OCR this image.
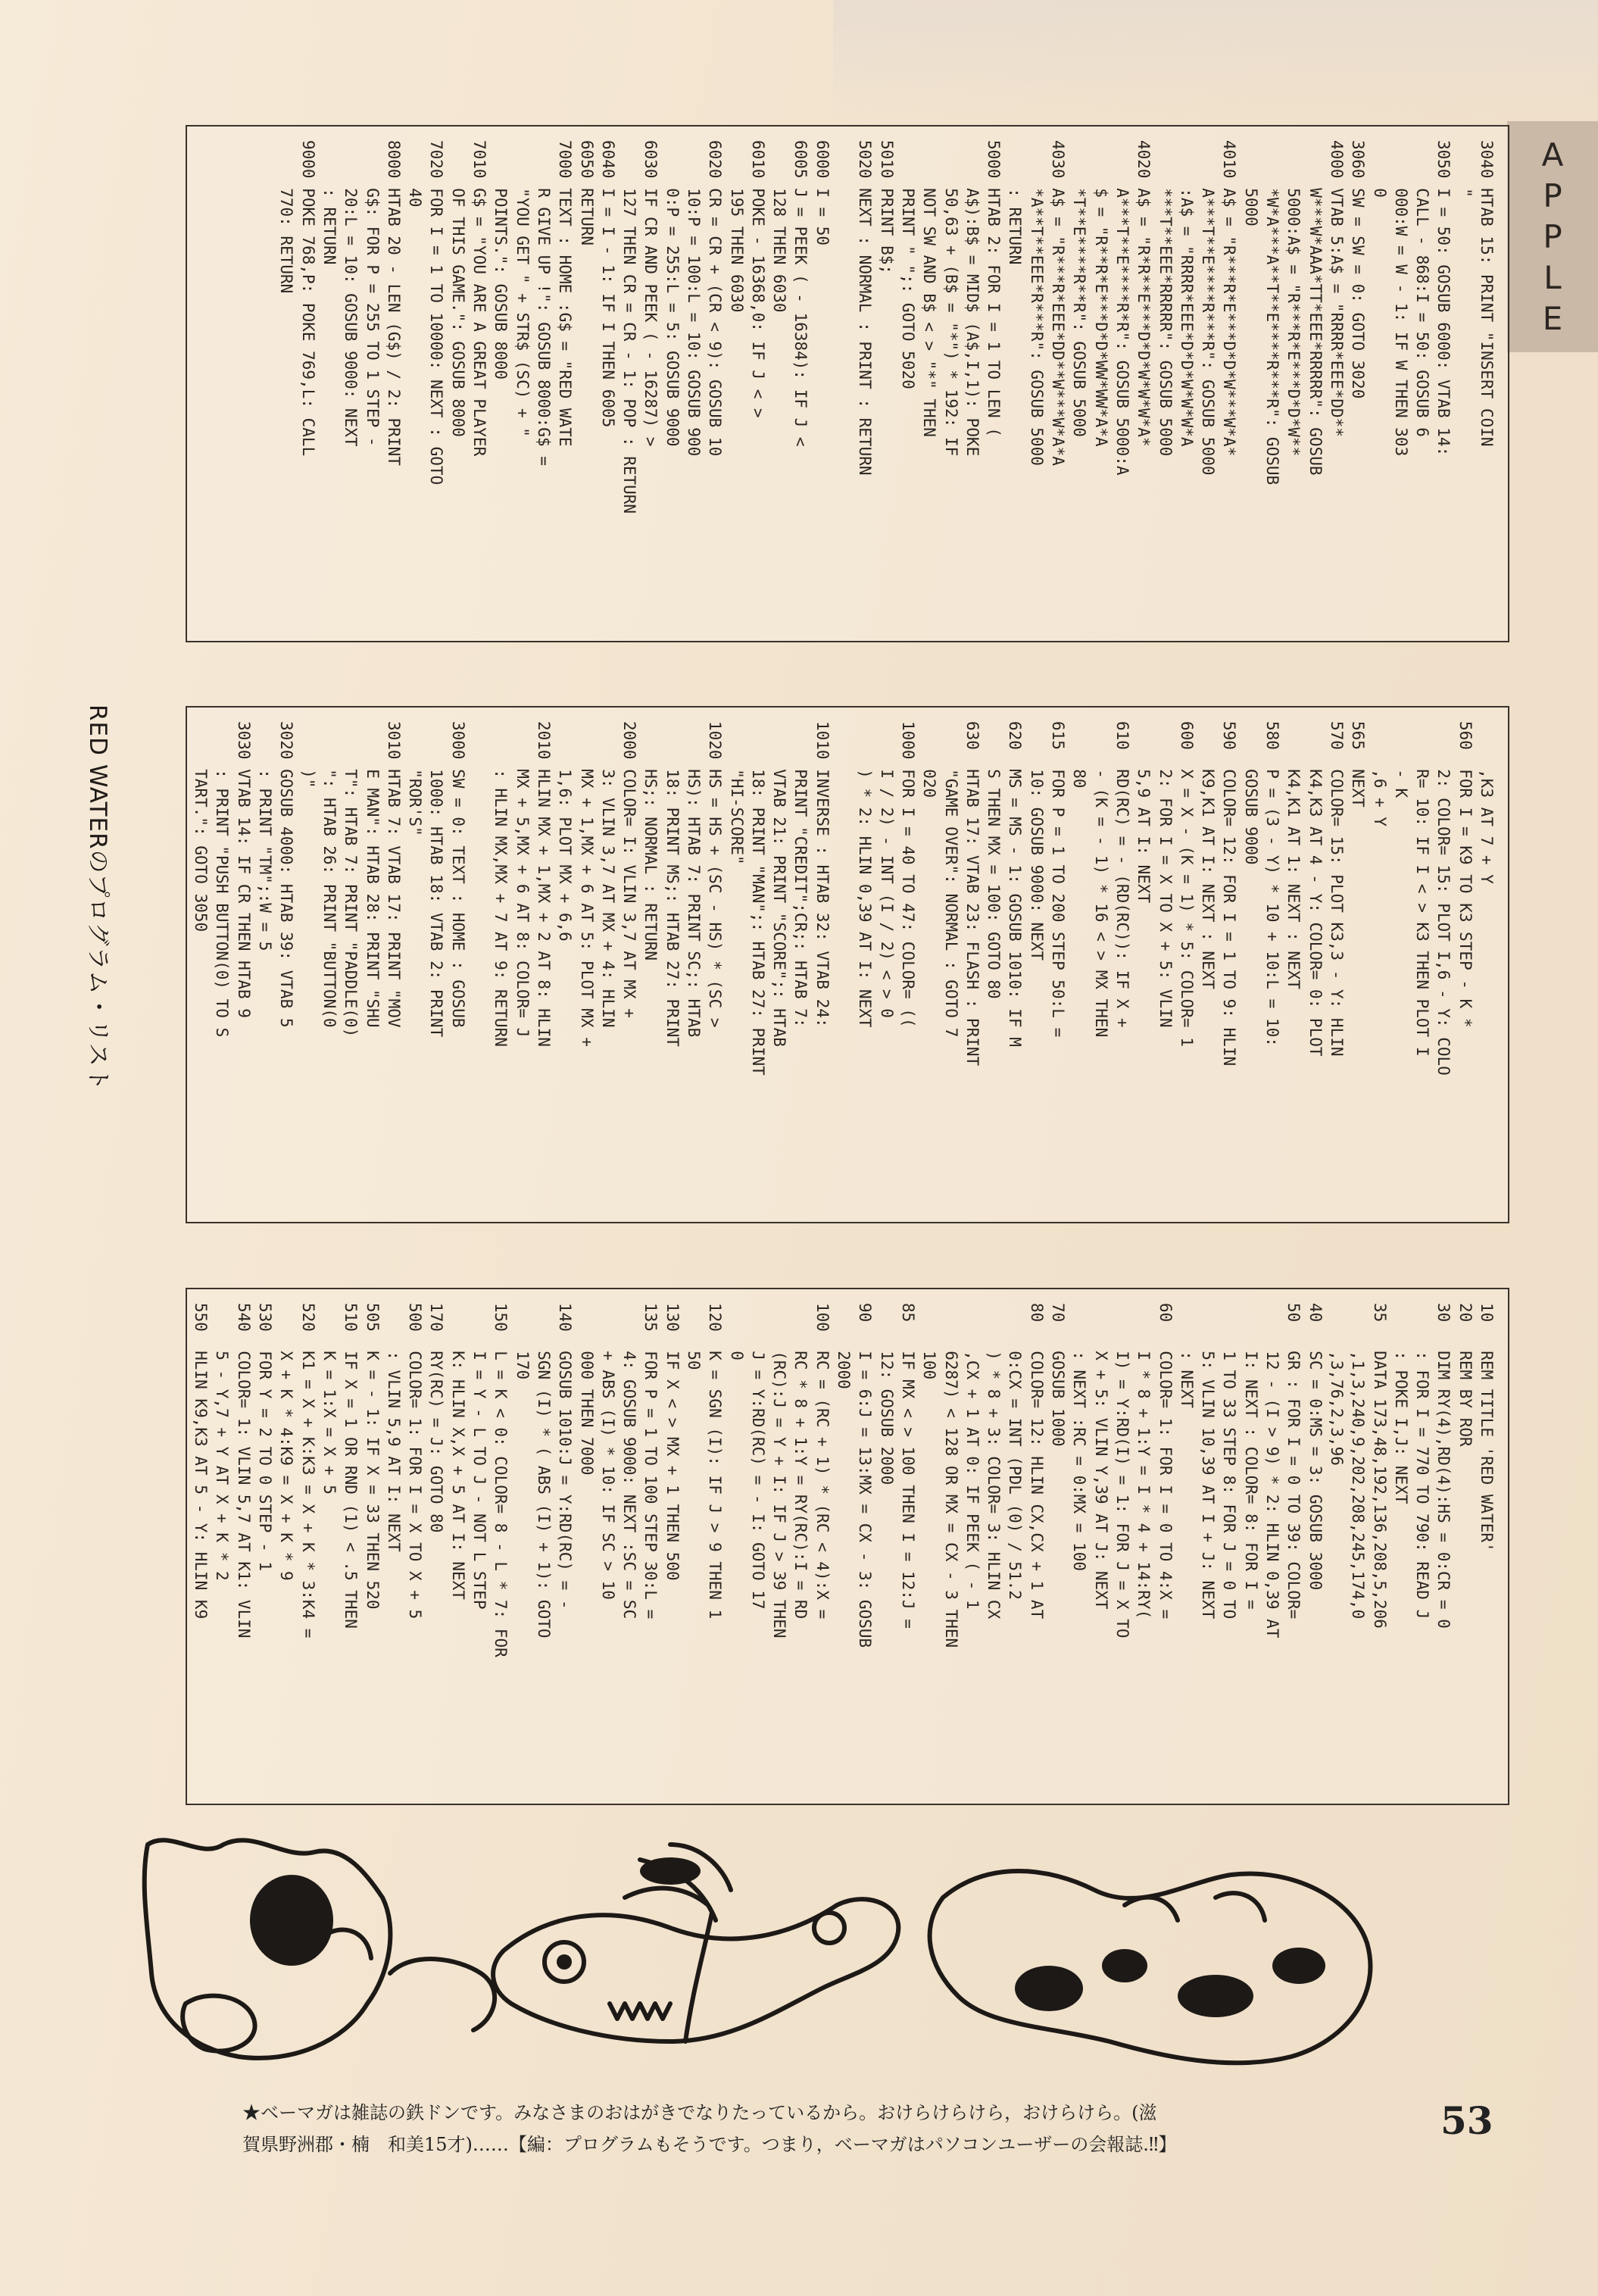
APPLE
RED WATERのプログラム・リスト
3040 HTAB 15: PRINT "INSERT COIN
"
3050 I = 50: GOSUB 6000: VTAB 14:
CALL - 868:I = 50: GOSUB 6
000:W = W - 1: IF W THEN 303
0
3060 SW = SW = 0: GOTO 3020
4000 VTAB 5:A$ = "RRRR*EEE*DD**
W***W*AAA*TT*EEE*RRRRR": GOSUB
5000:A$ = "R***R*E***D*D*W**
*W*A***A**T**E****R***R": GOSUB
5000
4010 A$ = "R***R*E***D*D*W***W*A*
A***T**E****R***R": GOSUB 5000
:A$ = "RRRR*EEE*D*D*W*W*W*A
***T**EEE*RRRRR": GOSUB 5000
4020 A$ = "R*R**E***D*D*W*W*W*A*
A***T**E****R*R": GOSUB 5000:A
$ = "R**R*E***D*D*WW*WW*A*A
*T**E****R**R": GOSUB 5000
4030 A$ = "R***R*EEE*DD**W***W*A*A
*A**T**EEE*R***R": GOSUB 5000
: RETURN
5000 HTAB 2: FOR I = 1 TO LEN (
A$):B$ = MID$ (A$,I,1): POKE
50,63 + (B$ = "*") * 192: IF
NOT SW AND B$ < > "*" THEN
PRINT " ";: GOTO 5020
5010 PRINT B$;
5020 NEXT : NORMAL : PRINT : RETURN
6000 I = 50
6005 J = PEEK ( - 16384): IF J <
128 THEN 6030
6010 POKE - 16368,0: IF J < >
195 THEN 6030
6020 CR = CR + (CR < 9): GOSUB 10
10:P = 100:L = 10: GOSUB 900
0:P = 255:L = 5: GOSUB 9000
6030 IF CR AND PEEK ( - 16287) >
127 THEN CR = CR - 1: POP : RETURN
6040 I = I - 1: IF I THEN 6005
6050 RETURN
7000 TEXT : HOME :G$ = "RED WATE
R GIVE UP !": GOSUB 8000:G$ =
"YOU GET " + STR$ (SC) + "
POINTS.": GOSUB 8000
7010 G$ = "YOU ARE A GREAT PLAYER
OF THIS GAME.": GOSUB 8000
7020 FOR I = 1 TO 10000: NEXT : GOTO
40
8000 HTAB 20 - LEN (G$) / 2: PRINT
G$: FOR P = 255 TO 1 STEP -
20:L = 10: GOSUB 9000: NEXT
: RETURN
9000 POKE 768,P: POKE 769,L: CALL
770: RETURN
,K3 AT 7 + Y
560  FOR I = K9 TO K3 STEP - K *
2: COLOR= 15: PLOT I,6 - Y: COLO
R= 10: IF I < > K3 THEN PLOT I
- K
,6 + Y
565  NEXT
570  COLOR= 15: PLOT K3,3 - Y: HLIN
K4,K3 AT 4 - Y: COLOR= 0: PLOT
K4,K1 AT 1: NEXT : NEXT
580  P = (3 - Y) * 10 + 10:L = 10:
GOSUB 9000
590  COLOR= 12: FOR I = 1 TO 9: HLIN
K9,K1 AT I: NEXT : NEXT
600  X = X - (K = 1) * 5: COLOR= 1
2: FOR I = X TO X + 5: VLIN
5,9 AT I: NEXT
610  RD(RC) = - (RD(RC)): IF X +
- (K = - 1) * 16 < > MX THEN
80
615  FOR P = 1 TO 200 STEP 50:L =
10: GOSUB 9000: NEXT
620  MS = MS - 1: GOSUB 1010: IF M
S THEN MX = 100: GOTO 80
630  HTAB 17: VTAB 23: FLASH : PRINT
"GAME OVER": NORMAL : GOTO 7
020
1000 FOR I = 40 TO 47: COLOR= ((
I / 2) - INT (I / 2) < > 0
) * 2: HLIN 0,39 AT I: NEXT
1010 INVERSE : HTAB 32: VTAB 24:
PRINT "CREDIT";CR;: HTAB 7:
VTAB 21: PRINT "SCORE";: HTAB
18: PRINT "MAN";: HTAB 27: PRINT
"HI-SCORE"
1020 HS = HS + (SC - HS) * (SC >
HS): HTAB 7: PRINT SC;: HTAB
18: PRINT MS;: HTAB 27: PRINT
HS;: NORMAL : RETURN
2000 COLOR= I: VLIN 3,7 AT MX +
3: VLIN 3,7 AT MX + 4: HLIN
MX + 1,MX + 6 AT 5: PLOT MX +
1,6: PLOT MX + 6,6
2010 HLIN MX + 1,MX + 2 AT 8: HLIN
MX + 5,MX + 6 AT 8: COLOR= J
: HLIN MX,MX + 7 AT 9: RETURN
3000 SW = 0: TEXT : HOME : GOSUB
1000: HTAB 18: VTAB 2: PRINT
"ROR'S"
3010 HTAB 7: VTAB 17: PRINT "MOV
E MAN": HTAB 28: PRINT "SHU
T": HTAB 7: PRINT "PADDLE(0)
": HTAB 26: PRINT "BUTTON(0
)"
3020 GOSUB 4000: HTAB 39: VTAB 5
: PRINT "TM";:W = 5
3030 VTAB 14: IF CR THEN HTAB 9
: PRINT "PUSH BUTTON(0) TO S
TART.": GOTO 3050
10   REM TITLE 'RED WATER'
20   REM BY ROR
30   DIM RY(4),RD(4):HS = 0:CR = 0
: FOR I = 770 TO 790: READ J
: POKE I,J: NEXT
35   DATA 173,48,192,136,208,5,206
,1,3,240,9,202,208,245,174,0
,3,76,2,3,96
40   SC = 0:MS = 3: GOSUB 3000
50   GR : FOR I = 0 TO 39: COLOR=
12 - (I > 9) * 2: HLIN 0,39 AT
I: NEXT : COLOR= 8: FOR I =
1 TO 33 STEP 8: FOR J = 0 TO
5: VLIN 10,39 AT I + J: NEXT
: NEXT
60   COLOR= 1: FOR I = 0 TO 4:X =
I * 8 + 1:Y = I * 4 + 14:RY(
I) = Y:RD(I) = 1: FOR J = X TO
X + 5: VLIN Y,39 AT J: NEXT
: NEXT :RC = 0:MX = 100
70   GOSUB 1000
80   COLOR= 12: HLIN CX,CX + 1 AT
0:CX = INT (PDL (0) / 51.2
) * 8 + 3: COLOR= 3: HLIN CX
,CX + 1 AT 0: IF PEEK ( - 1
6287) < 128 OR MX = CX - 3 THEN
100
85   IF MX < > 100 THEN I = 12:J =
12: GOSUB 2000
90   I = 6:J = 13:MX = CX - 3: GOSUB
2000
100  RC = (RC + 1) * (RC < 4):X =
RC * 8 + 1:Y = RY(RC):I = RD
(RC):J = Y + I: IF J > 39 THEN
J = Y:RD(RC) = - I: GOTO 17
0
120  K = SGN (I): IF J > 9 THEN 1
50
130  IF X < > MX + 1 THEN 500
135  FOR P = 1 TO 100 STEP 30:L =
4: GOSUB 9000: NEXT :SC = SC
+ ABS (I) * 10: IF SC > 10
000 THEN 7000
140  GOSUB 1010:J = Y:RD(RC) = -
SGN (I) * ( ABS (I) + 1): GOTO
170
150  L = K < 0: COLOR= 8 - L * 7: FOR
I = Y - L TO J - NOT L STEP
K: HLIN X,X + 5 AT I: NEXT
170  RY(RC) = J: GOTO 80
500  COLOR= 1: FOR I = X TO X + 5
: VLIN 5,9 AT I: NEXT
505  K = - 1: IF X = 33 THEN 520
510  IF X = 1 OR RND (1) < .5 THEN
K = 1:X = X + 5
520  K1 = X + K:K3 = X + K * 3:K4 =
X + K * 4:K9 = X + K * 9
530  FOR Y = 2 TO 0 STEP - 1
540  COLOR= 1: VLIN 5,7 AT K1: VLIN
5 - Y,7 + Y AT X + K * 2
550  HLIN K9,K3 AT 5 - Y: HLIN K9
★ベーマガは雑誌の鉄ドンです。みなさまのおはがきでなりたっているから。おけらけらけら，おけらけら。(滋
賀県野洲郡・楠　和美15才)……【編：プログラムもそうです。つまり，ベーマガはパソコンユーザーの会報誌.‼】
53
